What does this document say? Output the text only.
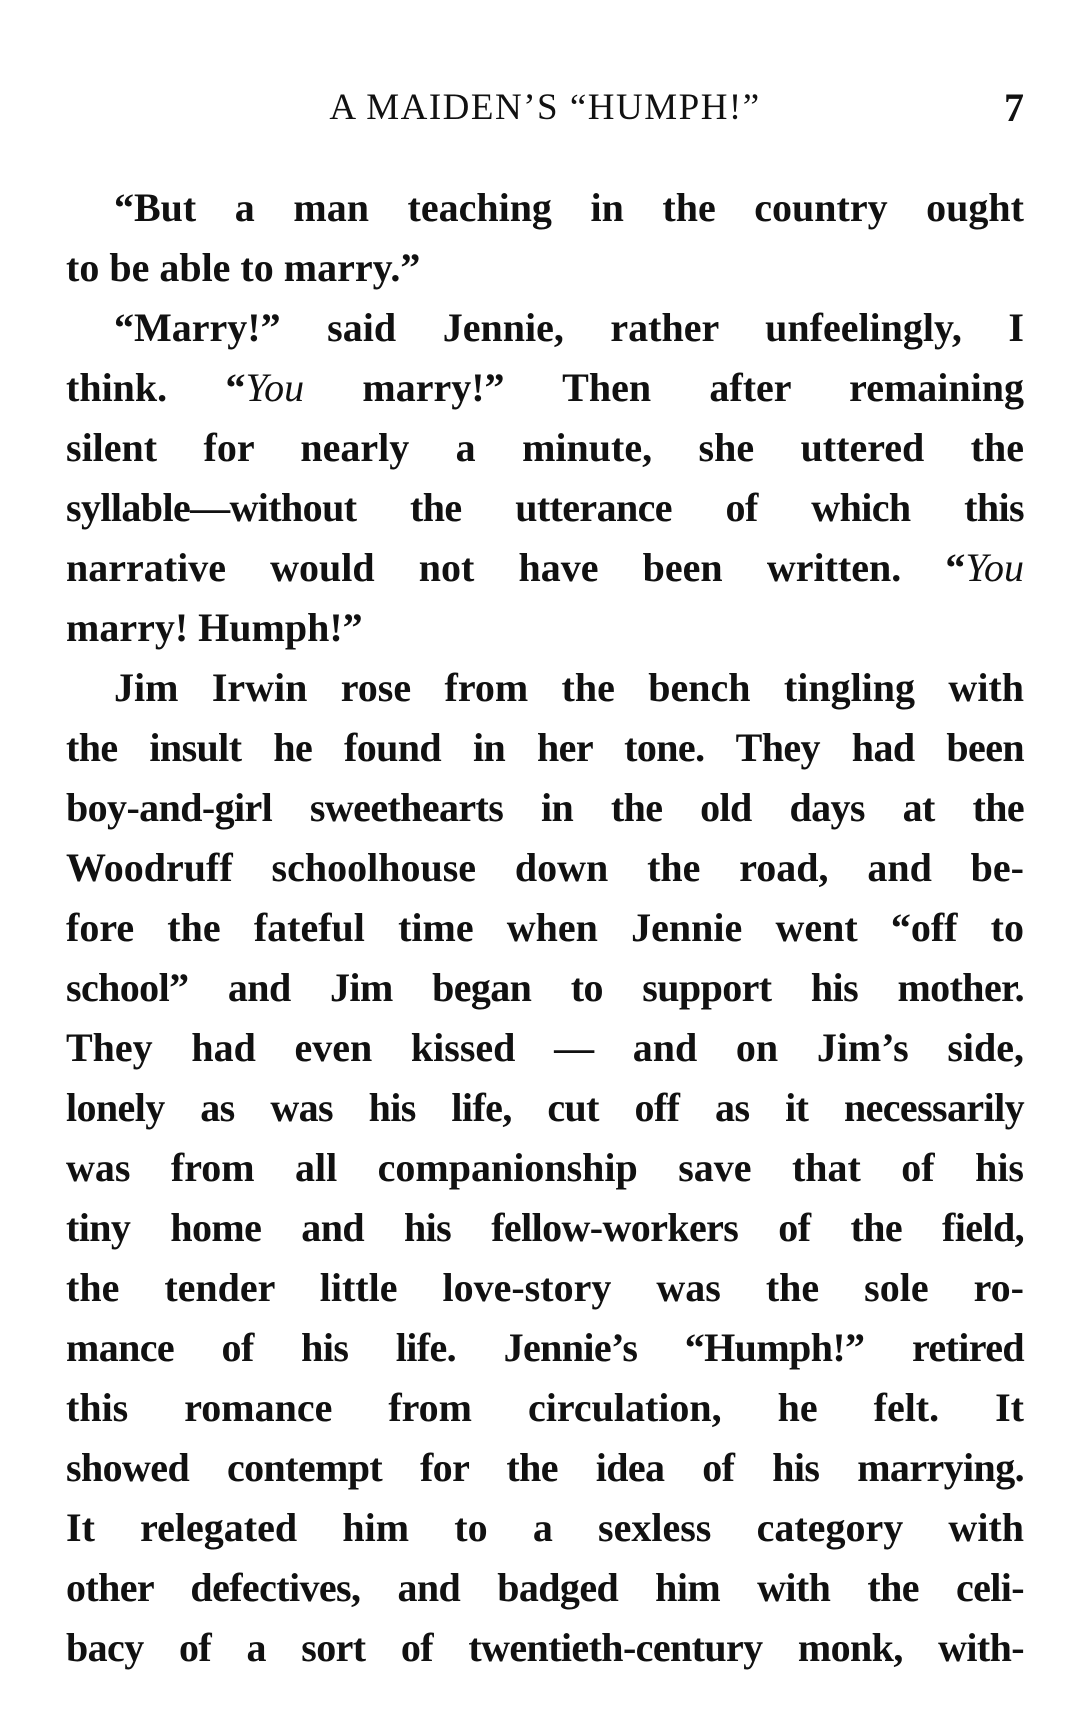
A MAIDEN’S “HUMPH!”	7
“But a man teaching in the country ought
to be able to marry.”
“Marry!” said Jennie, rather unfeelingly, I
think. “You marry!” Then after remaining
silent for nearly a minute, she uttered the
syllable—without the utterance of which this
narrative would not have been written. “You
marry! Humph!”
Jim Irwin rose from the bench tingling with
the insult he found in her tone. They had been
boy-and-girl sweethearts in the old days at the
Woodruff schoolhouse down the road, and be-
fore the fateful time when Jennie went “off to
school” and Jim began to support his mother.
They had even kissed — and on Jim’s side,
lonely as was his life, cut off as it necessarily
was from all companionship save that of his
tiny home and his fellow-workers of the field,
the tender little love-story was the sole ro-
mance of his life. Jennie’s “Humph!” retired
this romance from circulation, he felt. It
showed contempt for the idea of his marrying.
It relegated him to a sexless category with
other defectives, and badged him with the celi-
bacy of a sort of twentieth-century monk, with-
